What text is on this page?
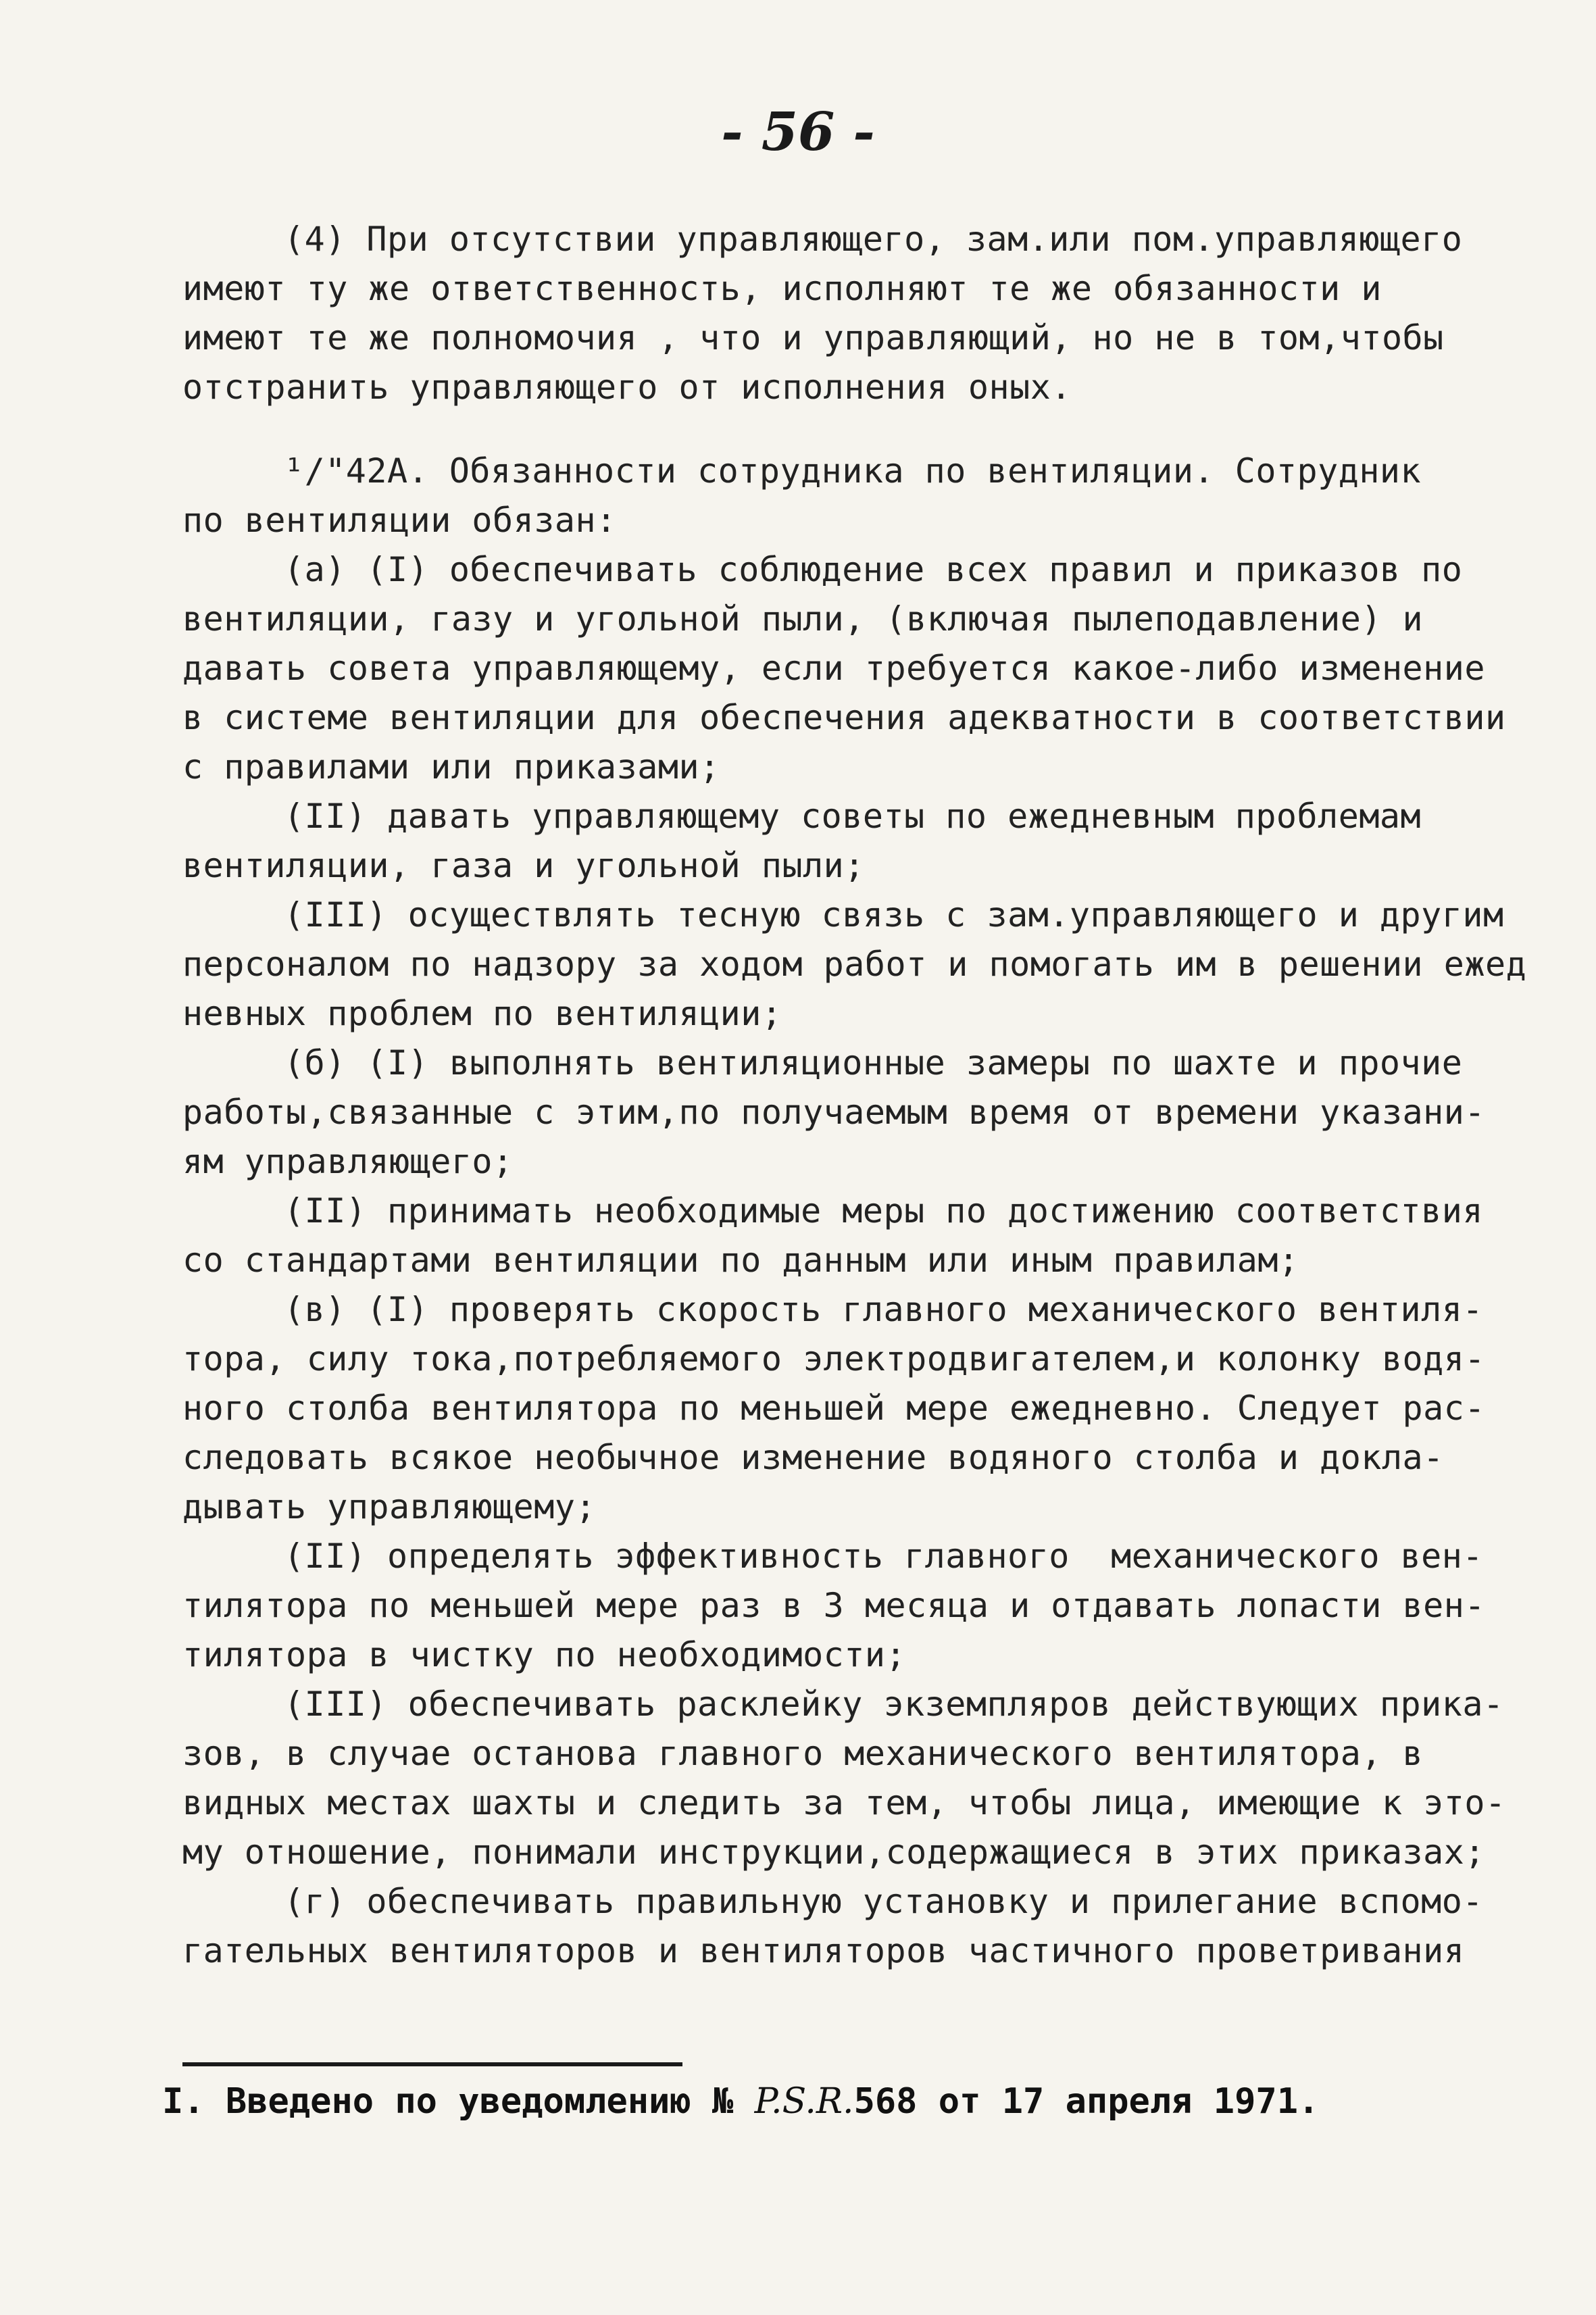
- 56 -
(4) При отсутствии управляющего, зам.или пом.управляющего
имеют ту же ответственность, исполняют те же обязанности и
имеют те же полномочия , что и управляющий, но не в том,чтобы
отстранить управляющего от исполнения оных.
¹/"42А. Обязанности сотрудника по вентиляции. Сотрудник
по вентиляции обязан:
(а) (I) обеспечивать соблюдение всех правил и приказов по
вентиляции, газу и угольной пыли, (включая пылеподавление) и
давать совета управляющему, если требуется какое-либо изменение
в системе вентиляции для обеспечения адекватности в соответствии
с правилами или приказами;
(II) давать управляющему советы по ежедневным проблемам
вентиляции, газа и угольной пыли;
(III) осуществлять тесную связь с зам.управляющего и другим
персоналом по надзору за ходом работ и помогать им в решении ежед
невных проблем по вентиляции;
(б) (I) выполнять вентиляционные замеры по шахте и прочие
работы,связанные с этим,по получаемым время от времени указани-
ям управляющего;
(II) принимать необходимые меры по достижению соответствия
со стандартами вентиляции по данным или иным правилам;
(в) (I) проверять скорость главного механического вентиля-
тора, силу тока,потребляемого электродвигателем,и колонку водя-
ного столба вентилятора по меньшей мере ежедневно. Следует рас-
следовать всякое необычное изменение водяного столба и докла-
дывать управляющему;
(II) определять эффективность главного  механического вен-
тилятора по меньшей мере раз в 3 месяца и отдавать лопасти вен-
тилятора в чистку по необходимости;
(III) обеспечивать расклейку экземпляров действующих прика-
зов, в случае останова главного механического вентилятора, в
видных местах шахты и следить за тем, чтобы лица, имеющие к это-
му отношение, понимали инструкции,содержащиеся в этих приказах;
(г) обеспечивать правильную установку и прилегание вспомо-
гательных вентиляторов и вентиляторов частичного проветривания
I. Введено по уведомлению № P.S.R.568 от 17 апреля 1971.
